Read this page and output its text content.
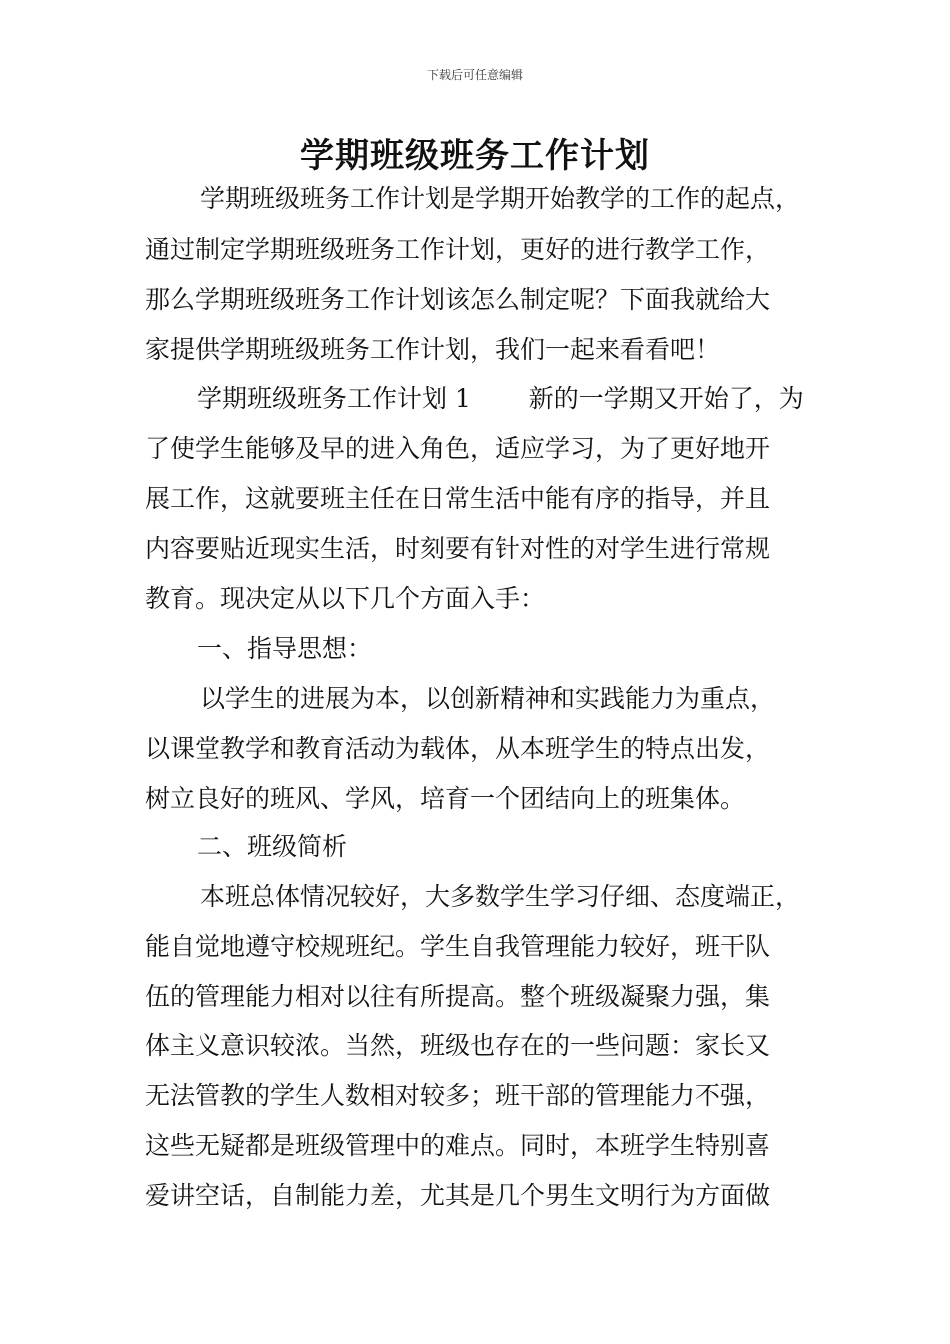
下载后可任意编辑
学期班级班务工作计划
学期班级班务工作计划是学期开始教学的工作的起点，
通过制定学期班级班务工作计划，更好的进行教学工作，
那么学期班级班务工作计划该怎么制定呢？下面我就给大
家提供学期班级班务工作计划，我们一起来看看吧！
学期班级班务工作计划 1 　　新的一学期又开始了，为
了使学生能够及早的进入角色，适应学习，为了更好地开
展工作，这就要班主任在日常生活中能有序的指导，并且
内容要贴近现实生活，时刻要有针对性的对学生进行常规
教育。现决定从以下几个方面入手：
一、指导思想：
以学生的进展为本，以创新精神和实践能力为重点，
以课堂教学和教育活动为载体，从本班学生的特点出发，
树立良好的班风、学风，培育一个团结向上的班集体。
二、班级简析
本班总体情况较好，大多数学生学习仔细、态度端正，
能自觉地遵守校规班纪。学生自我管理能力较好，班干队
伍的管理能力相对以往有所提高。整个班级凝聚力强，集
体主义意识较浓。当然，班级也存在的一些问题：家长又
无法管教的学生人数相对较多；班干部的管理能力不强，
这些无疑都是班级管理中的难点。同时，本班学生特别喜
爱讲空话，自制能力差，尤其是几个男生文明行为方面做
